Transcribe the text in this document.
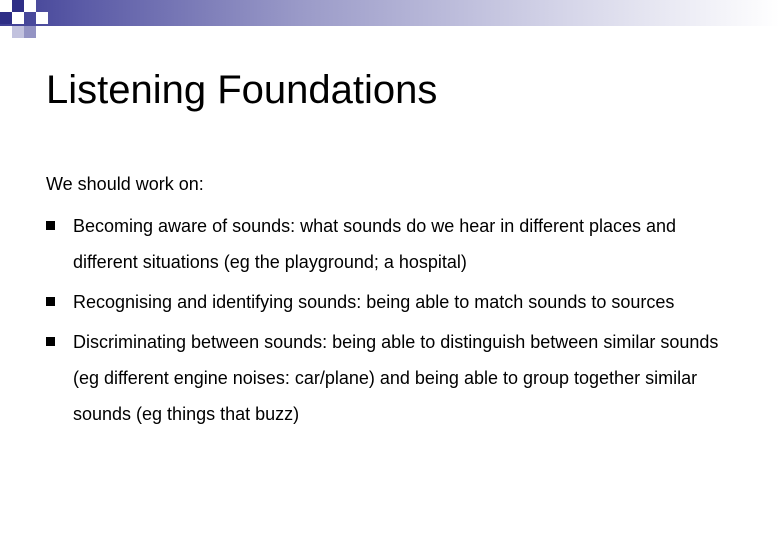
Listening Foundations

We should work on:

Becoming aware of sounds: what sounds do we hear in different places and different situations (eg the playground; a hospital)
Recognising and identifying sounds: being able to match sounds to sources
Discriminating between sounds: being able to distinguish between similar sounds (eg different engine noises: car/plane) and being able to group together similar sounds (eg things that buzz)
